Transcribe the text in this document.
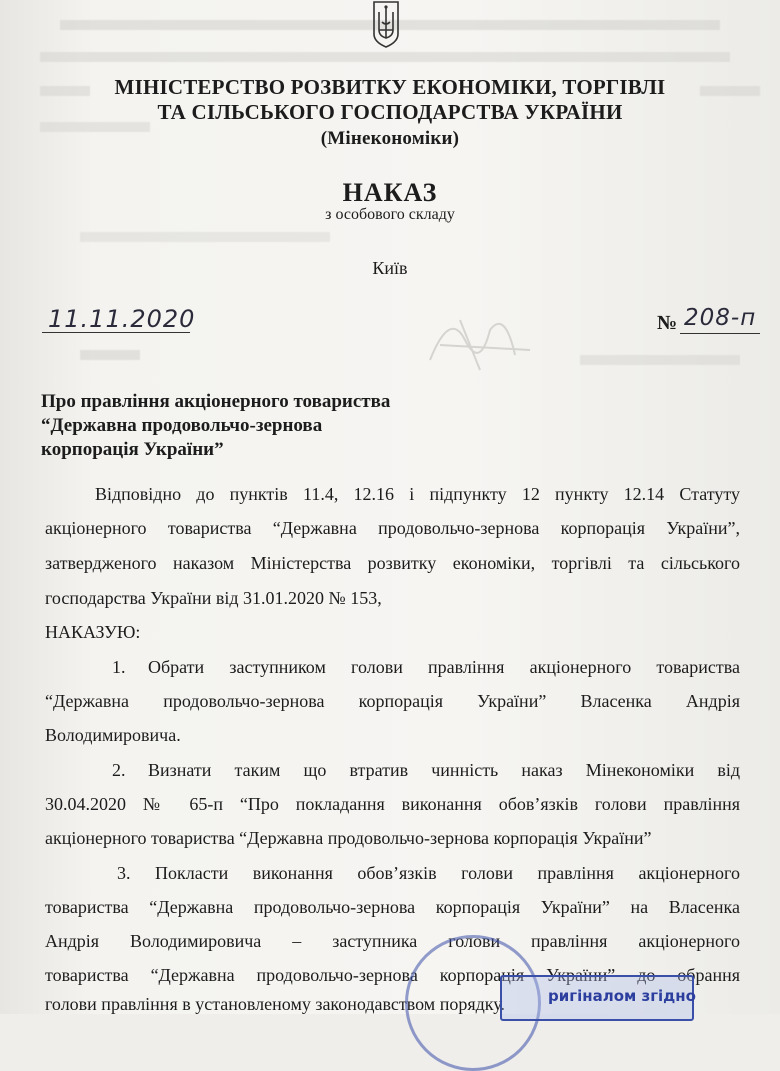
МІНІСТЕРСТВО РОЗВИТКУ ЕКОНОМІКИ, ТОРГІВЛІ
ТА СІЛЬСЬКОГО ГОСПОДАРСТВА УКРАЇНИ
(Мінекономіки)
НАКАЗ
з особового складу
Київ
11.11.2020	№ 208-п
Про правління акціонерного товариства
“Державна продовольчо-зернова
корпорація України”
Відповідно до пунктів 11.4, 12.16 і підпункту 12 пункту 12.14 Статуту
акціонерного товариства “Державна продовольчо-зернова корпорація України”,
затвердженого наказом Міністерства розвитку економіки, торгівлі та сільського
господарства України від 31.01.2020 № 153,
НАКАЗУЮ:
1. Обрати заступником голови правління акціонерного товариства
“Державна продовольчо-зернова корпорація України” Власенка Андрія
Володимировича.
2. Визнати таким що втратив чинність наказ Мінекономіки від
30.04.2020 № 65-п “Про покладання виконання обов’язків голови правління
акціонерного товариства “Державна продовольчо-зернова корпорація України”
3. Покласти виконання обов’язків голови правління акціонерного
товариства “Державна продовольчо-зернова корпорація України” на Власенка
Андрія Володимировича – заступника голови правління акціонерного
товариства “Державна продовольчо-зернова корпорація України” до обрання
голови правління в установленому законодавством порядку.	ригіналом згідно
